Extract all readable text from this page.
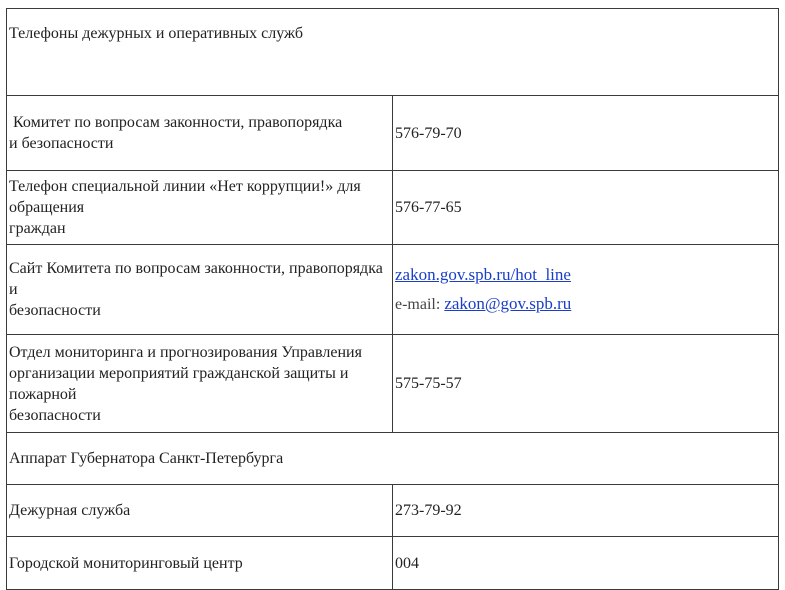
Телефоны дежурных и оперативных служб	

Комитет по вопросам законности, правопорядка
и безопасности	576-79-70

Телефон специальной линии «Нет коррупции!» для обращения
граждан	576-77-65

Сайт Комитета по вопросам законности, правопорядка и
безопасности	zakon.gov.spb.ru/hot_line
e-mail: zakon@gov.spb.ru

Отдел мониторинга и прогнозирования Управления
организации мероприятий гражданской защиты и пожарной
безопасности	575-75-57
Аппарат Губернатора Санкт-Петербурга	
Дежурная служба	273-79-92
Городской мониторинговый центр	004
